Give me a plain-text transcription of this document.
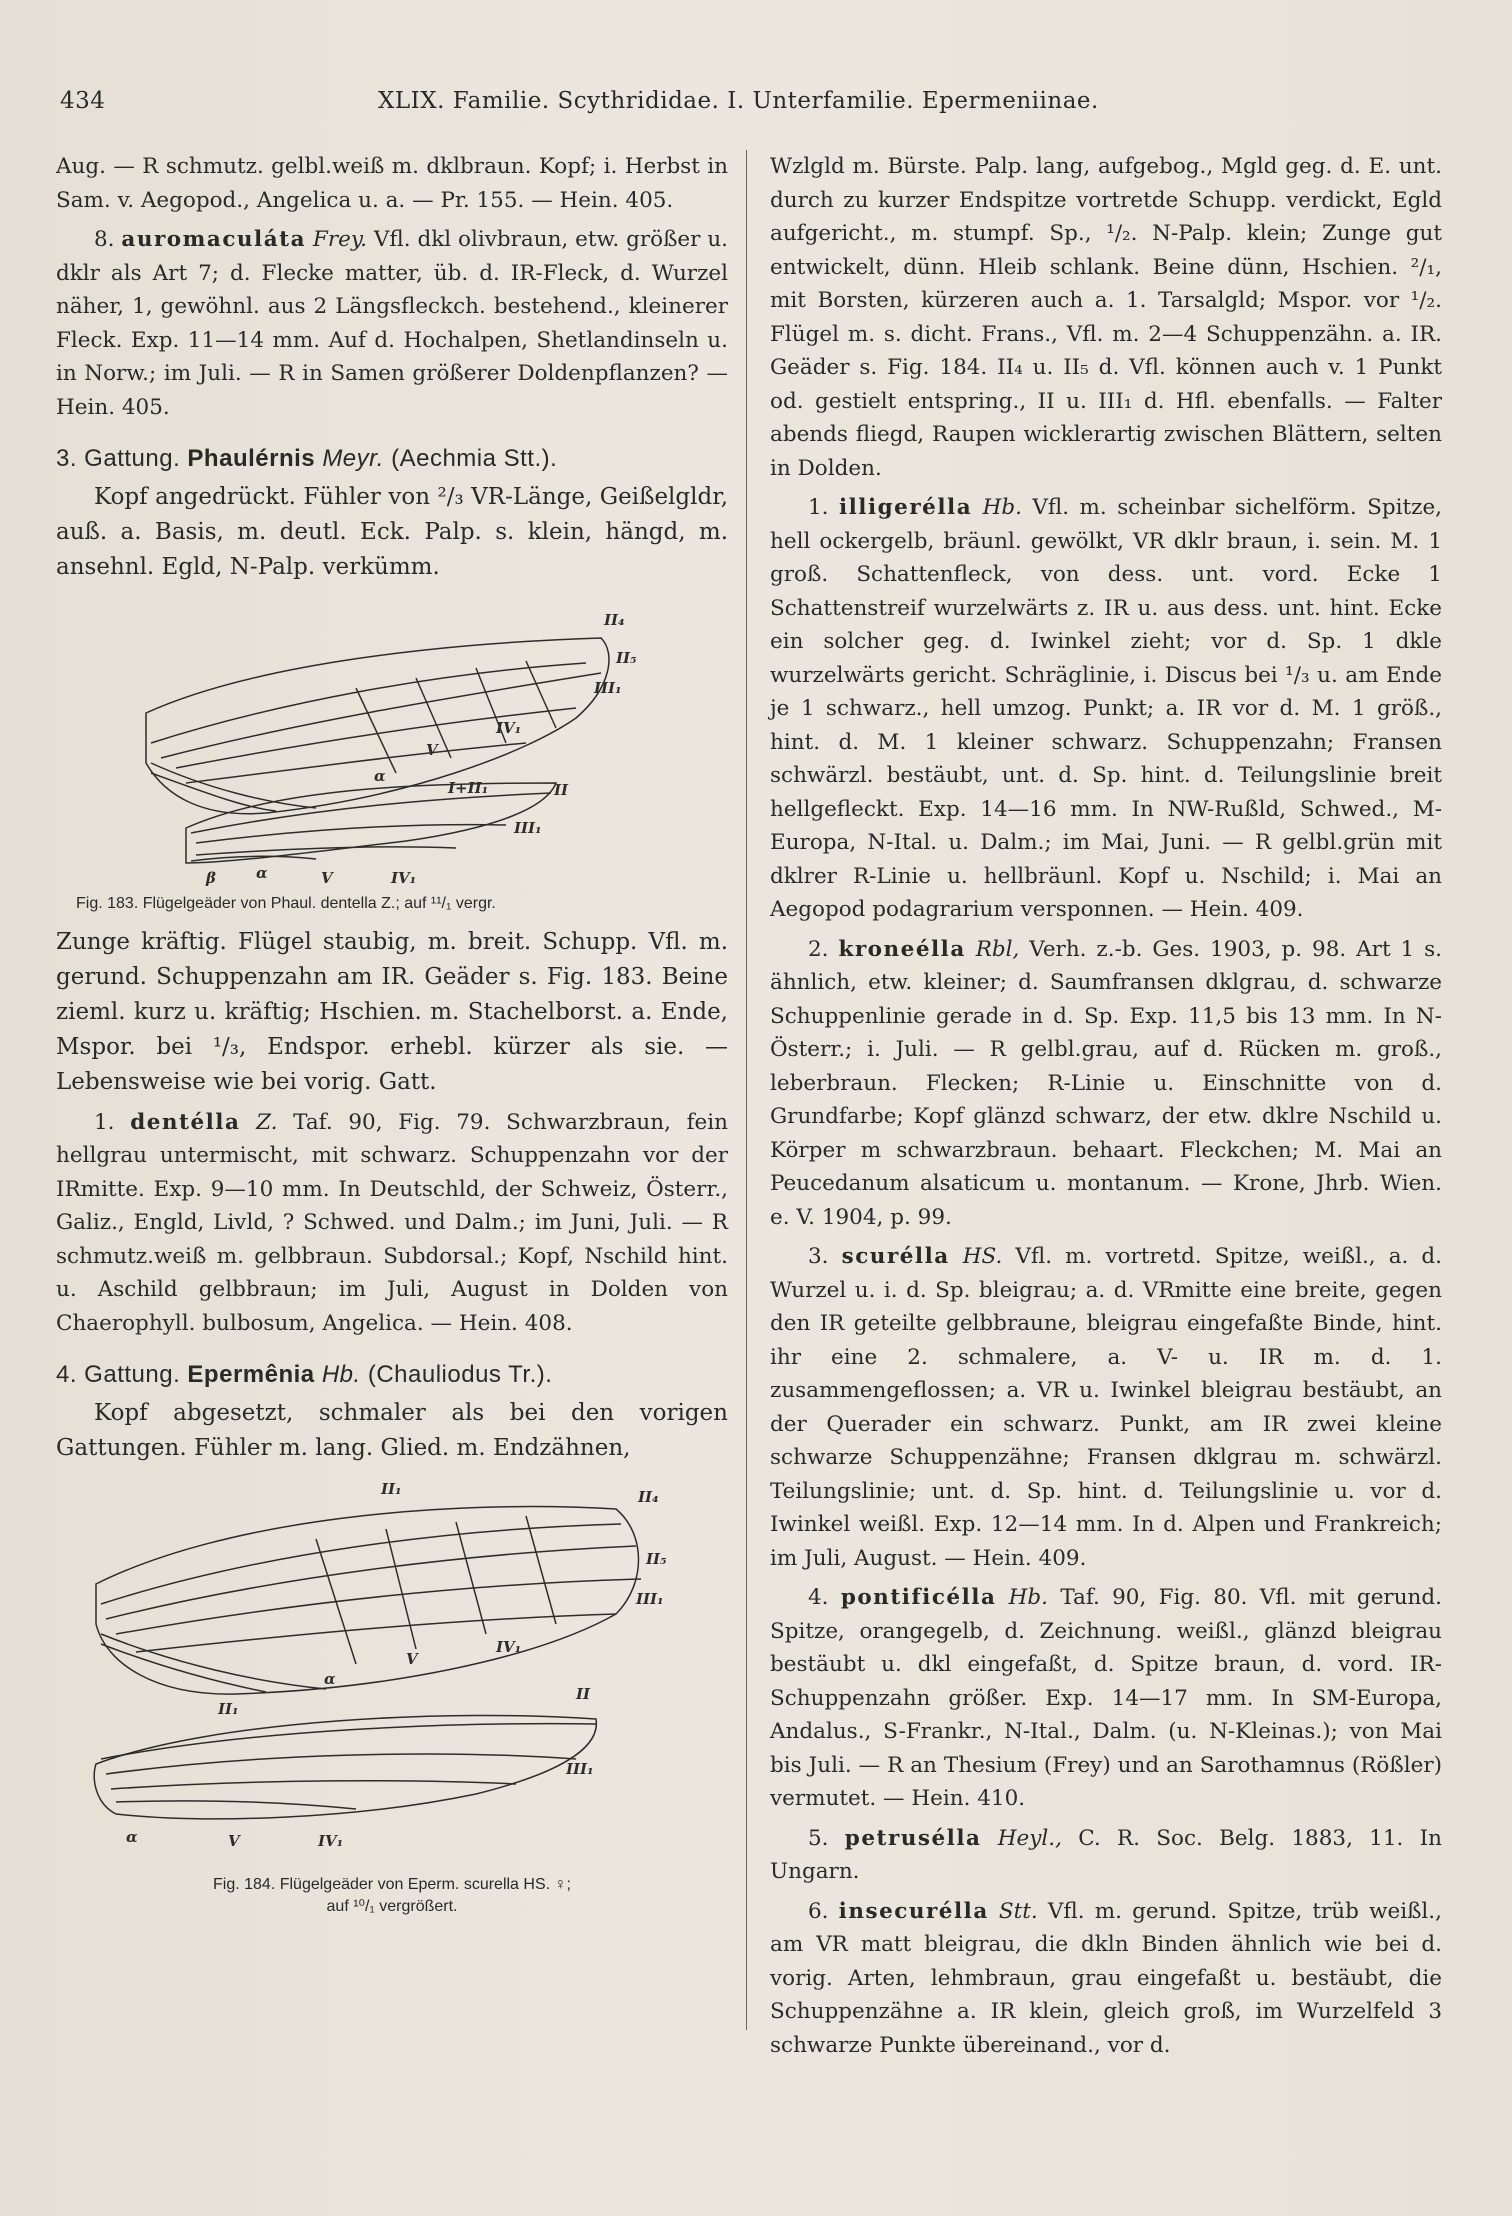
434	XLIX. Familie. Scythrididae. I. Unterfamilie. Epermeniinae.

Aug. — R schmutz. gelbl.weiß m. dklbraun. Kopf; i. Herbst in Sam. v. Aegopod., Angelica u. a. — Pr. 155. — Hein. 405.

8. auromaculáta Frey. Vfl. dkl olivbraun, etw. größer u. dklr als Art 7; d. Flecke matter, üb. d. IR-Fleck, d. Wurzel näher, 1, gewöhnl. aus 2 Längsfleckch. bestehend., kleinerer Fleck. Exp. 11—14 mm. Auf d. Hochalpen, Shetlandinseln u. in Norw.; im Juli. — R in Samen größerer Doldenpflanzen? — Hein. 405.

3. Gattung. Phaulérnis Meyr. (Aechmia Stt.).

Kopf angedrückt. Fühler von ²/₃ VR-Länge, Geißelgldr, auß. a. Basis, m. deutl. Eck. Palp. s. klein, hängd, m. ansehnl. Egld, N-Palp. verkümm.

II₄
II₅
III₁
IV₁
V
α
I+II₁	II
III₁
β	α	V	IV₁
Fig. 183. Flügelgeäder von Phaul. dentella Z.; auf ¹¹/₁ vergr.

Zunge kräftig. Flügel staubig, m. breit. Schupp. Vfl. m. gerund. Schuppenzahn am IR. Geäder s. Fig. 183. Beine zieml. kurz u. kräftig; Hschien. m. Stachelborst. a. Ende, Mspor. bei ¹/₃, Endspor. erhebl. kürzer als sie. — Lebensweise wie bei vorig. Gatt.

1. dentélla Z. Taf. 90, Fig. 79. Schwarzbraun, fein hellgrau untermischt, mit schwarz. Schuppenzahn vor der IRmitte. Exp. 9—10 mm. In Deutschld, der Schweiz, Österr., Galiz., Engld, Livld, ? Schwed. und Dalm.; im Juni, Juli. — R schmutz.weiß m. gelbbraun. Subdorsal.; Kopf, Nschild hint. u. Aschild gelbbraun; im Juli, August in Dolden von Chaerophyll. bulbosum, Angelica. — Hein. 408.

4. Gattung. Epermênia Hb. (Chauliodus Tr.).

Kopf abgesetzt, schmaler als bei den vorigen Gattungen. Fühler m. lang. Glied. m. Endzähnen,

II₁	II₄
II₅
III₁
IV₁
V
α
II₁
II
III₁
α	V	IV₁
Fig. 184. Flügelgeäder von Eperm. scurella HS. ♀;
auf ¹⁰/₁ vergrößert.

Wzlgld m. Bürste. Palp. lang, aufgebog., Mgld geg. d. E. unt. durch zu kurzer Endspitze vortretde Schupp. verdickt, Egld aufgericht., m. stumpf. Sp., ¹/₂. N-Palp. klein; Zunge gut entwickelt, dünn. Hleib schlank. Beine dünn, Hschien. ²/₁, mit Borsten, kürzeren auch a. 1. Tarsalgld; Mspor. vor ¹/₂. Flügel m. s. dicht. Frans., Vfl. m. 2—4 Schuppenzähn. a. IR. Geäder s. Fig. 184. II₄ u. II₅ d. Vfl. können auch v. 1 Punkt od. gestielt entspring., II u. III₁ d. Hfl. ebenfalls. — Falter abends fliegd, Raupen wicklerartig zwischen Blättern, selten in Dolden.

1. illigerélla Hb. Vfl. m. scheinbar sichelförm. Spitze, hell ockergelb, bräunl. gewölkt, VR dklr braun, i. sein. M. 1 groß. Schattenfleck, von dess. unt. vord. Ecke 1 Schattenstreif wurzelwärts z. IR u. aus dess. unt. hint. Ecke ein solcher geg. d. Iwinkel zieht; vor d. Sp. 1 dkle wurzelwärts gericht. Schräglinie, i. Discus bei ¹/₃ u. am Ende je 1 schwarz., hell umzog. Punkt; a. IR vor d. M. 1 größ., hint. d. M. 1 kleiner schwarz. Schuppenzahn; Fransen schwärzl. bestäubt, unt. d. Sp. hint. d. Teilungslinie breit hellgefleckt. Exp. 14—16 mm. In NW-Rußld, Schwed., M-Europa, N-Ital. u. Dalm.; im Mai, Juni. — R gelbl.grün mit dklrer R-Linie u. hellbräunl. Kopf u. Nschild; i. Mai an Aegopod podagrarium versponnen. — Hein. 409.

2. kroneélla Rbl, Verh. z.-b. Ges. 1903, p. 98. Art 1 s. ähnlich, etw. kleiner; d. Saumfransen dklgrau, d. schwarze Schuppenlinie gerade in d. Sp. Exp. 11,5 bis 13 mm. In N-Österr.; i. Juli. — R gelbl.grau, auf d. Rücken m. groß., leberbraun. Flecken; R-Linie u. Einschnitte von d. Grundfarbe; Kopf glänzd schwarz, der etw. dklre Nschild u. Körper m schwarzbraun. behaart. Fleckchen; M. Mai an Peucedanum alsaticum u. montanum. — Krone, Jhrb. Wien. e. V. 1904, p. 99.

3. scurélla HS. Vfl. m. vortretd. Spitze, weißl., a. d. Wurzel u. i. d. Sp. bleigrau; a. d. VRmitte eine breite, gegen den IR geteilte gelbbraune, bleigrau eingefaßte Binde, hint. ihr eine 2. schmalere, a. V- u. IR m. d. 1. zusammengeflossen; a. VR u. Iwinkel bleigrau bestäubt, an der Querader ein schwarz. Punkt, am IR zwei kleine schwarze Schuppenzähne; Fransen dklgrau m. schwärzl. Teilungslinie; unt. d. Sp. hint. d. Teilungslinie u. vor d. Iwinkel weißl. Exp. 12—14 mm. In d. Alpen und Frankreich; im Juli, August. — Hein. 409.

4. pontificélla Hb. Taf. 90, Fig. 80. Vfl. mit gerund. Spitze, orangegelb, d. Zeichnung. weißl., glänzd bleigrau bestäubt u. dkl eingefaßt, d. Spitze braun, d. vord. IR-Schuppenzahn größer. Exp. 14—17 mm. In SM-Europa, Andalus., S-Frankr., N-Ital., Dalm. (u. N-Kleinas.); von Mai bis Juli. — R an Thesium (Frey) und an Sarothamnus (Rößler) vermutet. — Hein. 410.

5. petrusélla Heyl., C. R. Soc. Belg. 1883, 11. In Ungarn.

6. insecurélla Stt. Vfl. m. gerund. Spitze, trüb weißl., am VR matt bleigrau, die dkln Binden ähnlich wie bei d. vorig. Arten, lehmbraun, grau eingefaßt u. bestäubt, die Schuppenzähne a. IR klein, gleich groß, im Wurzelfeld 3 schwarze Punkte übereinand., vor d.
